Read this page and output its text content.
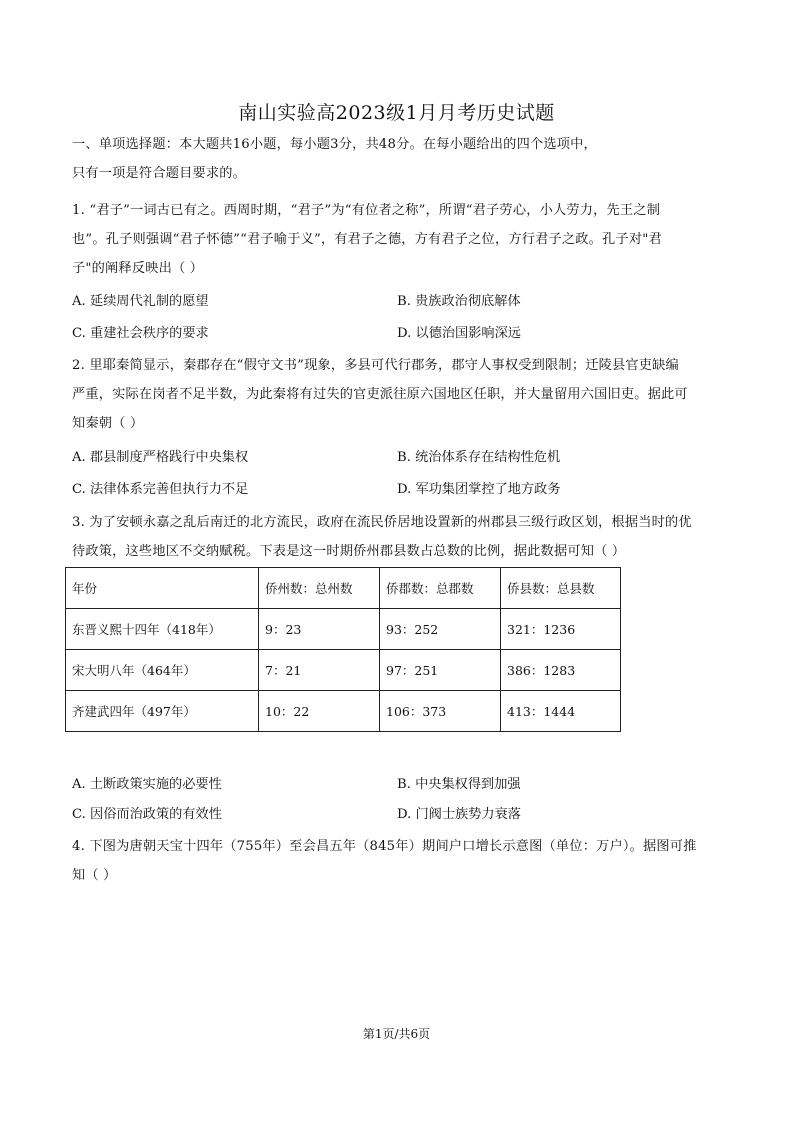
南山实验高2023级1月月考历史试题
一、单项选择题：本大题共16小题，每小题3分，共48分。在每小题给出的四个选项中，
只有一项是符合题目要求的。
1. “君子”一词古已有之。西周时期，“君子”为“有位者之称”，所谓“君子劳心，小人劳力，先王之制
也”。孔子则强调“君子怀德”“君子喻于义”，有君子之德，方有君子之位，方行君子之政。孔子对"君
子"的阐释反映出（ ）
A. 延续周代礼制的愿望	B. 贵族政治彻底解体
C. 重建社会秩序的要求	D. 以德治国影响深远
2. 里耶秦简显示，秦郡存在“假守文书”现象，多县可代行郡务，郡守人事权受到限制；迁陵县官吏缺编
严重，实际在岗者不足半数，为此秦将有过失的官吏派往原六国地区任职，并大量留用六国旧吏。据此可
知秦朝（ ）
A. 郡县制度严格践行中央集权	B. 统治体系存在结构性危机
C. 法律体系完善但执行力不足	D. 军功集团掌控了地方政务
3. 为了安顿永嘉之乱后南迁的北方流民，政府在流民侨居地设置新的州郡县三级行政区划，根据当时的优
待政策，这些地区不交纳赋税。下表是这一时期侨州郡县数占总数的比例，据此数据可知（ ）
年份	侨州数：总州数	侨郡数：总郡数	侨县数：总县数
东晋义熙十四年（418年）	9：23	93：252	321：1236
宋大明八年（464年）	7：21	97：251	386：1283
齐建武四年（497年）	10：22	106：373	413：1444
A. 土断政策实施的必要性	B. 中央集权得到加强
C. 因俗而治政策的有效性	D. 门阀士族势力衰落
4. 下图为唐朝天宝十四年（755年）至会昌五年（845年）期间户口增长示意图（单位：万户）。据图可推
知（ ）
第1页/共6页
